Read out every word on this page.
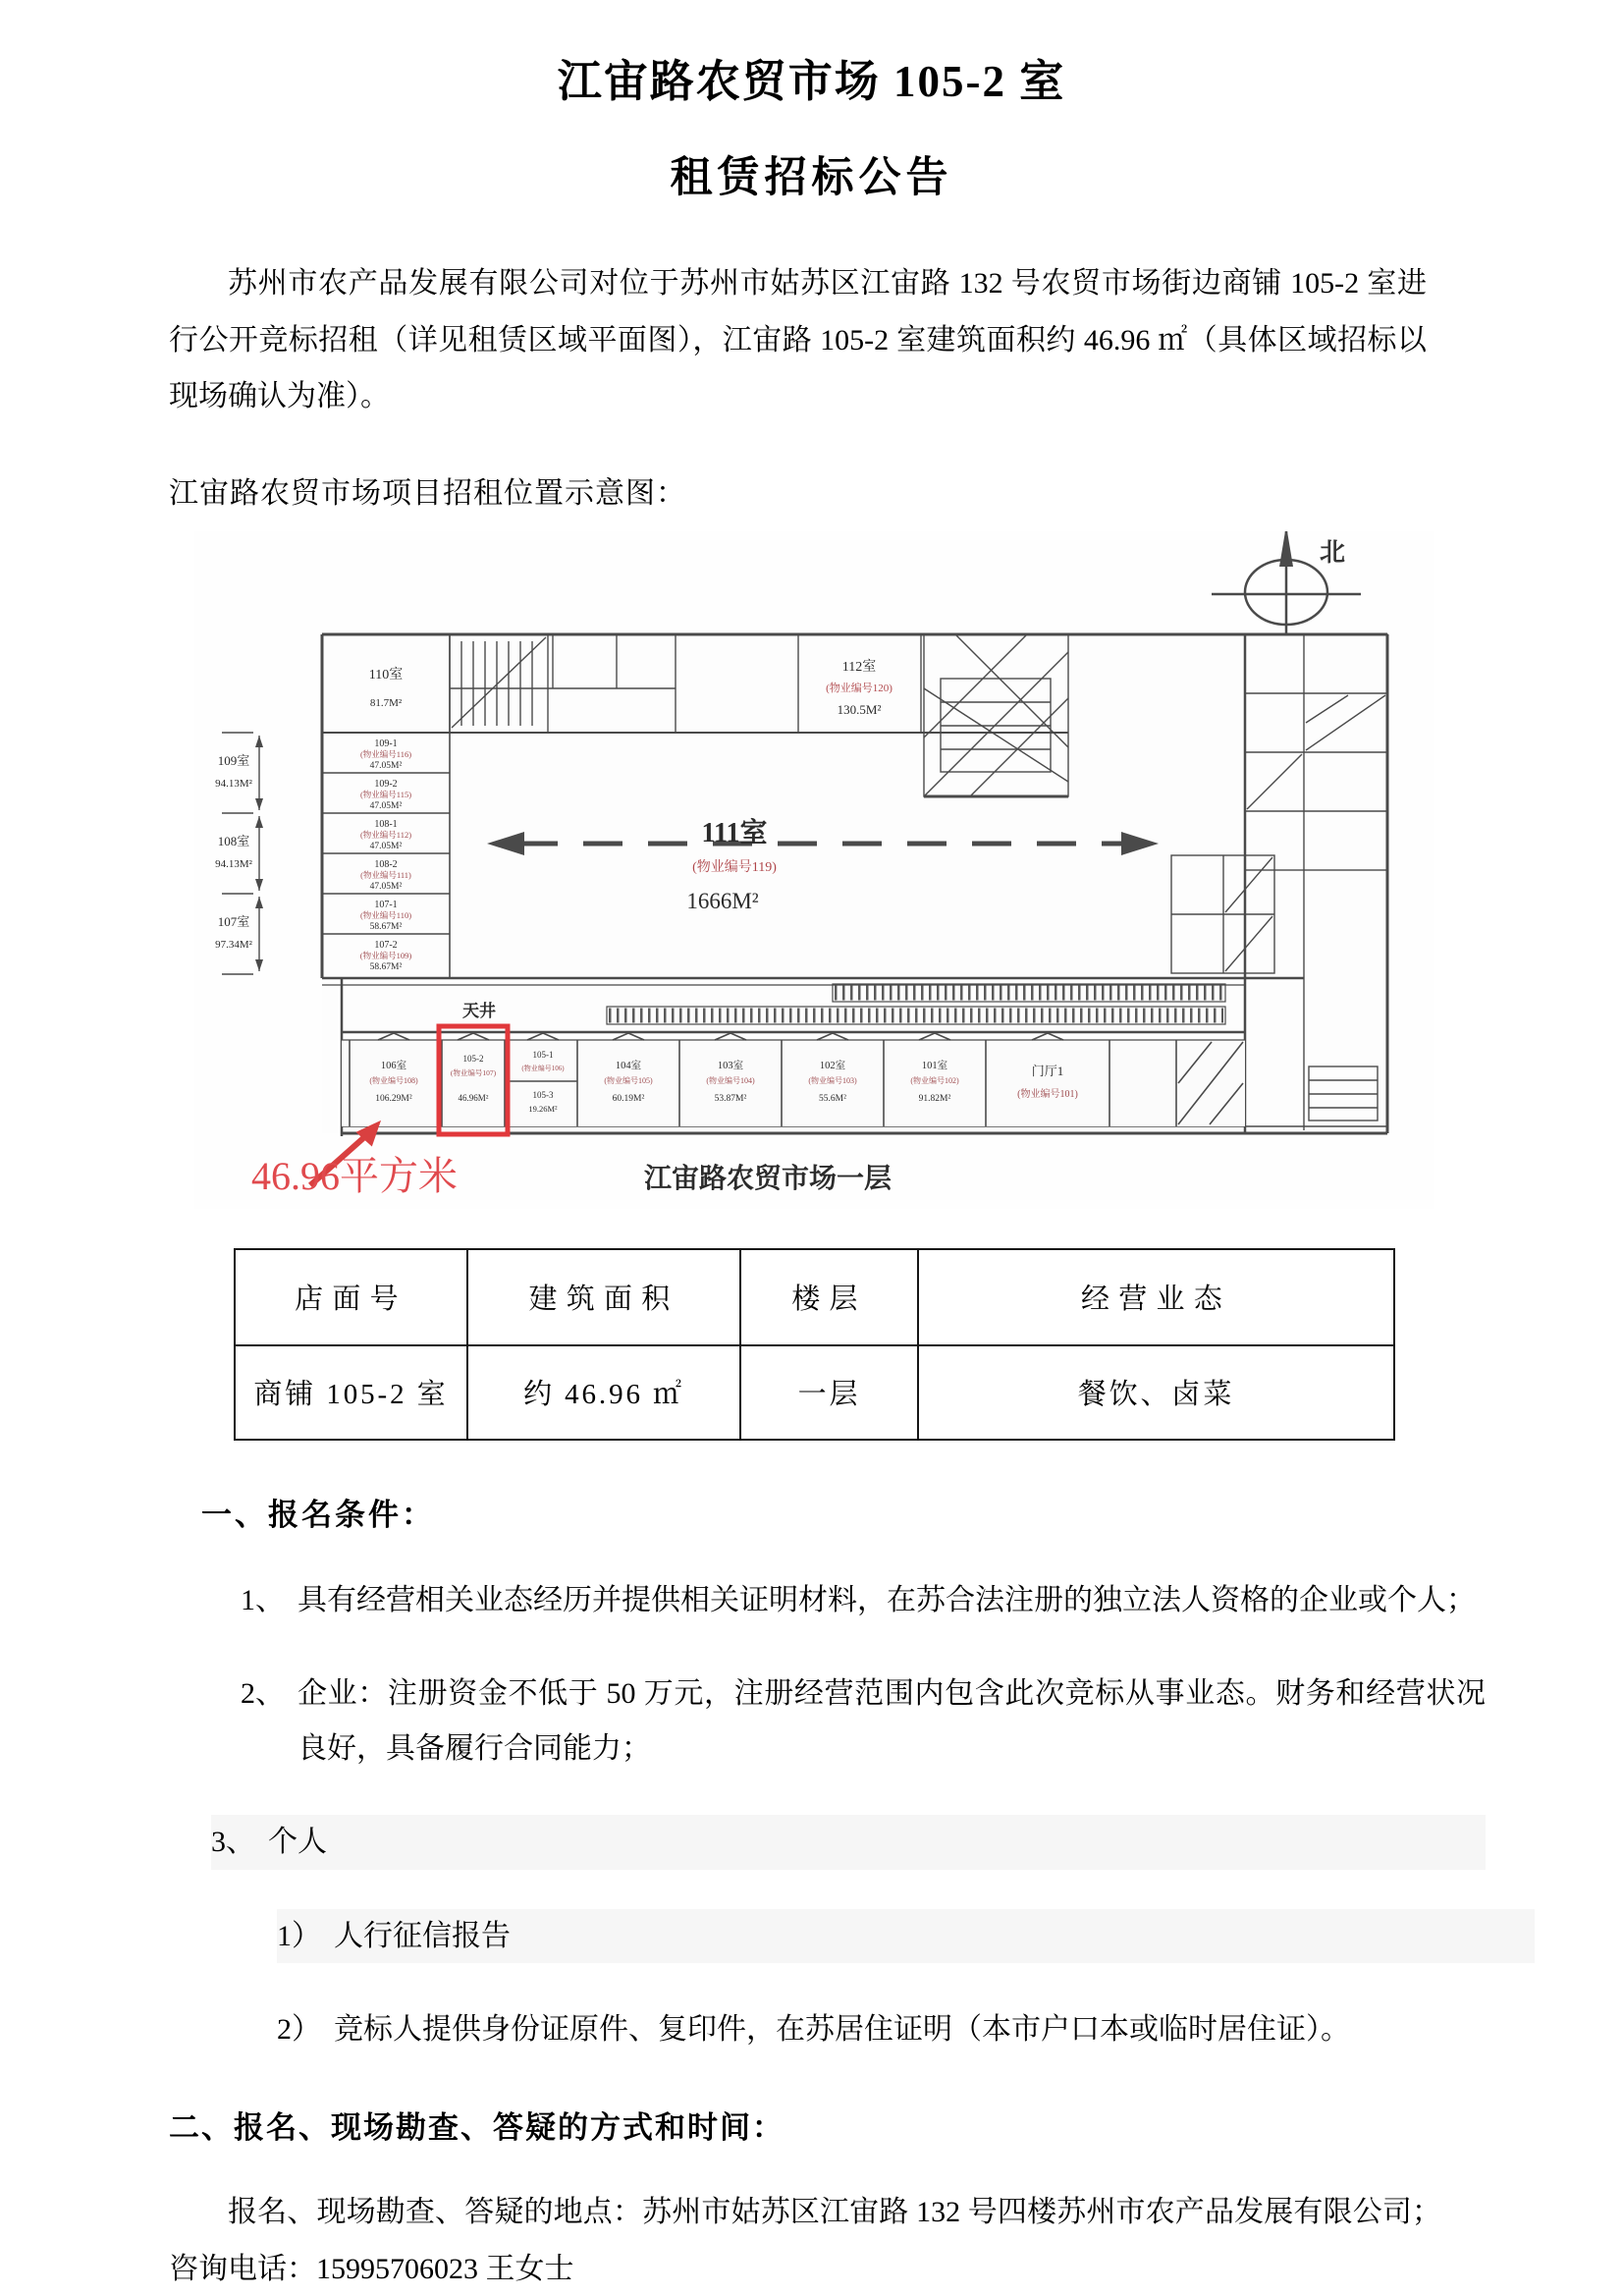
江宙路农贸市场 105-2 室
租赁招标公告
苏州市农产品发展有限公司对位于苏州市姑苏区江宙路 132 号农贸市场街边商铺 105-2 室进行公开竞标招租（详见租赁区域平面图），江宙路 105-2 室建筑面积约 46.96 ㎡（具体区域招标以现场确认为准）。
江宙路农贸市场项目招租位置示意图：
北
109室
94.13M²
108室
94.13M²
107室
97.34M²
110室
81.7M²
109-1
(物业编号116)
47.05M²
109-2
(物业编号115)
47.05M²
108-1
(物业编号112)
47.05M²
108-2
(物业编号111)
47.05M²
107-1
(物业编号110)
58.67M²
107-2
(物业编号109)
58.67M²
112室
(物业编号120)
130.5M²
111室
(物业编号119)
1666M²
天井
106室
(物业编号108)
106.29M²
105-2
(物业编号107)
46.96M²
105-1
(物业编号106)
105-3
19.26M²
104室
(物业编号105)
60.19M²
103室
(物业编号104)
53.87M²
102室
(物业编号103)
55.6M²
101室
(物业编号102)
91.82M²
门厅1
(物业编号101)
46.96平方米	江宙路农贸市场一层
店面号	建筑面积	楼层	经营业态
商铺 105-2 室	约 46.96 ㎡	一层	餐饮、卤菜
一、报名条件：
1、 具有经营相关业态经历并提供相关证明材料，在苏合法注册的独立法人资格的企业或个人；
2、 企业：注册资金不低于 50 万元，注册经营范围内包含此次竞标从事业态。财务和经营状况良好，具备履行合同能力；
3、 个人
1） 人行征信报告
2） 竞标人提供身份证原件、复印件，在苏居住证明（本市户口本或临时居住证）。
二、报名、现场勘查、答疑的方式和时间：
报名、现场勘查、答疑的地点：苏州市姑苏区江宙路 132 号四楼苏州市农产品发展有限公司；　咨询电话：15995706023 王女士
